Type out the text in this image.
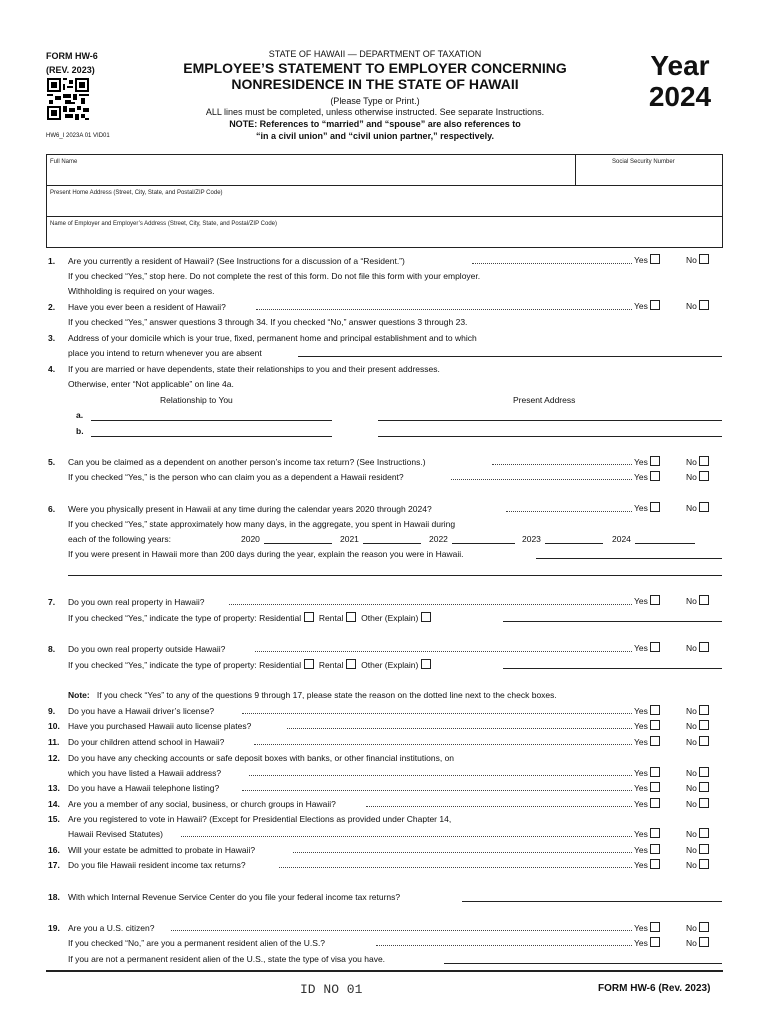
FORM HW-6
(REV. 2023)
HW6_I 2023A 01 VID01
STATE OF HAWAII — DEPARTMENT OF TAXATION
EMPLOYEE’S STATEMENT TO EMPLOYER CONCERNING
NONRESIDENCE IN THE STATE OF HAWAII
(Please Type or Print.)
ALL lines must be completed, unless otherwise instructed. See separate Instructions.
NOTE: References to “married” and “spouse” are also references to
“in a civil union” and “civil union partner,” respectively.
Year
2024
Full Name	Social Security Number
Present Home Address (Street, City, State, and Postal/ZIP Code)
Name of Employer and Employer’s Address (Street, City, State, and Postal/ZIP Code)
1. Are you currently a resident of Hawaii? (See Instructions for a discussion of a “Resident.”)	Yes	No
If you checked “Yes,” stop here. Do not complete the rest of this form. Do not file this form with your employer.
Withholding is required on your wages.
2. Have you ever been a resident of Hawaii?	Yes	No
If you checked “Yes,” answer questions 3 through 34. If you checked “No,” answer questions 3 through 23.
3. Address of your domicile which is your true, fixed, permanent home and principal establishment and to which
place you intend to return whenever you are absent
4. If you are married or have dependents, state their relationships to you and their present addresses.
Otherwise, enter “Not applicable” on line 4a.
Relationship to You	Present Address
a.
b.
5. Can you be claimed as a dependent on another person’s income tax return? (See Instructions.)	Yes	No
If you checked “Yes,” is the person who can claim you as a dependent a Hawaii resident?	Yes	No
6. Were you physically present in Hawaii at any time during the calendar years 2020 through 2024?	Yes	No
If you checked “Yes,” state approximately how many days, in the aggregate, you spent in Hawaii during
each of the following years:	2020	2021	2022	2023	2024
If you were present in Hawaii more than 200 days during the year, explain the reason you were in Hawaii.
7. Do you own real property in Hawaii?	Yes	No
If you checked “Yes,” indicate the type of property: Residential Rental Other (Explain)
8. Do you own real property outside Hawaii?	Yes	No
If you checked “Yes,” indicate the type of property: Residential Rental Other (Explain)
Note: If you check “Yes” to any of the questions 9 through 17, please state the reason on the dotted line next to the check boxes.
9. Do you have a Hawaii driver’s license?	Yes	No
10. Have you purchased Hawaii auto license plates?	Yes	No
11. Do your children attend school in Hawaii?	Yes	No
12. Do you have any checking accounts or safe deposit boxes with banks, or other financial institutions, on
which you have listed a Hawaii address?	Yes	No
13. Do you have a Hawaii telephone listing?	Yes	No
14. Are you a member of any social, business, or church groups in Hawaii?	Yes	No
15. Are you registered to vote in Hawaii? (Except for Presidential Elections as provided under Chapter 14,
Hawaii Revised Statutes)	Yes	No
16. Will your estate be admitted to probate in Hawaii?	Yes	No
17. Do you file Hawaii resident income tax returns?	Yes	No
18. With which Internal Revenue Service Center do you file your federal income tax returns?
19. Are you a U.S. citizen?	Yes	No
If you checked “No,” are you a permanent resident alien of the U.S.?	Yes	No
If you are not a permanent resident alien of the U.S., state the type of visa you have.
ID NO 01	FORM HW-6 (Rev. 2023)
